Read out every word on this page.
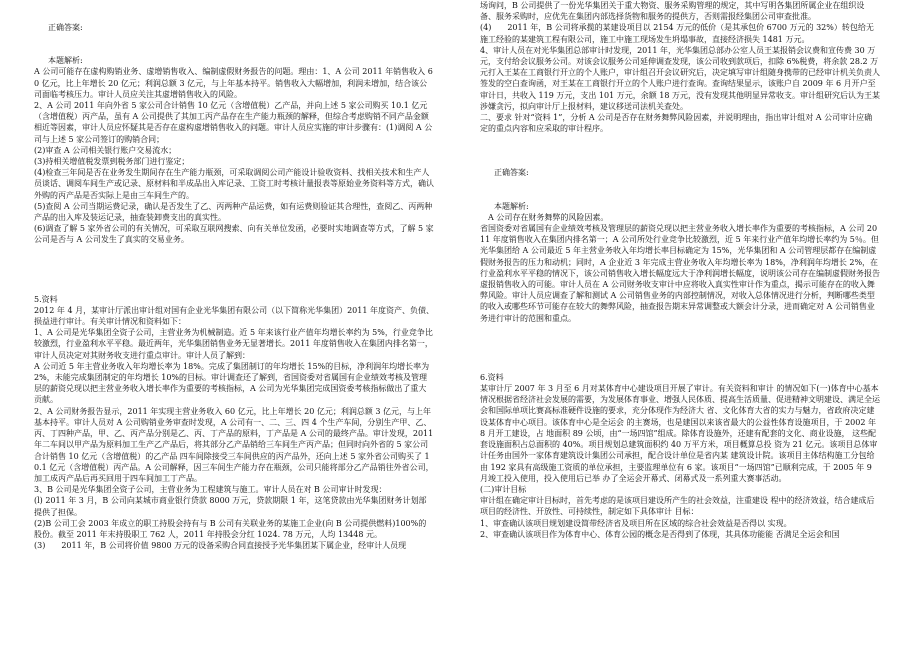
正确答案:

本题解析:

A 公司可能存在虚构购销业务、虚增销售收入、编制虚假财务报告的问题。理由：1、A 公司 2011 年销售收入 60 亿元，比上年增长 20 亿元；利润总额 3 亿元，与上年基本持平。销售收入大幅增加，利润未增加，结合该公司面临考核压力。审计人员应关注其虚增销售收入的风险。

2、A 公司 2011 年向外省 5 家公司合计销售 10 亿元（含增值税）乙产品，并向上述 5 家公司购买 10.1 亿元（含增值税）丙产品，虽有 A 公司提供了其加工丙产品存在生产能力瓶颈的解释，但综合考虑购销不同产品金额相近等因素，审计人员应怀疑其是否存在虚构虚增销售收入的问题。审计人员应实施的审计步骤有：(1)调阅 A 公司与上述 5 家公司签订的购销合同；

(2)审查 A 公司相关银行账户交易流水；

(3)持相关增值税发票到税务部门进行鉴定；

(4)检查三年间是否在业务发生期间存在生产能力瓶颈，可采取调阅公司产能设计验收资料、找相关技术和生产人员谈话、调阅车间生产或记录、原材料和半成品出入库记录、工资工时考核计量报表等原始业务资料等方式，确认外购的丙产品是否实际上是由三车间生产的。

(5)查阅 A 公司当期运费记录，确认是否发生了乙、丙两种产品运费，如有运费则验证其合理性，查阅乙、丙两种产品的出入库及装运记录，抽查装卸费支出的真实性。

(6)调查了解 5 家外省公司的有关情况，可采取互联网搜索、向有关单位发函，必要时实地调查等方式，了解 5 家公司是否与 A 公司发生了真实的交易业务。

5.资料

2012 年 4 月，某审计厅派出审计组对国有企业光华集团有限公司（以下简称光华集团）2011 年度资产、负债、损益进行审计。有关审计情况和资料如下：

1、A 公司是光华集团全资子公司，主营业务为机械制造。近 5 年来该行业产值年均增长率约为 5%，行业竞争比较激烈，行业盈利水平平稳。最近两年，光华集团销售业务无显著增长。2011 年度销售收入在集团内排名第一，审计人员决定对其财务收支进行重点审计。审计人员了解到：

A 公司近 5 年主营业务收入年均增长率为 18%。完成了集团制订的年均增长 15%的目标，净利润年均增长率为 2%，未能完成集团制定的年均增长 10%的目标。审计调查还了解到，省国资委对省属国有企业绩效考核及管理层的薪资兑现以把主营业务收入增长率作为重要的考核指标，A 公司为光华集团完成国资委考核指标做出了重大贡献。

2、A 公司财务报告显示，2011 年实现主营业务收入 60 亿元，比上年增长 20 亿元；利润总额 3 亿元，与上年基本持平。审计人员对 A 公司购销业务审查时发现，A 公司有一、二、三、四 4 个生产车间，分别生产甲、乙、丙、丁四种产品，甲、乙、丙产品分别是乙、丙、丁产品的原料，丁产品是 A 公司的最终产品。审计发现，2011 年二车间以甲产品为原料加工生产乙产品后，将其部分乙产品销给三车间生产丙产品；但同时向外省的 5 家公司合计销售 10 亿元（含增值税）的乙产品 四车间除接受三车间供应的丙产品外，还向上述 5 家外省公司购买了 10.1 亿元（含增值税）丙产品。A 公司解释，因三车间生产能力存在瓶颈，公司只能将部分乙产品销往外省公司，加工成丙产品后再买回用于四车间加工丁产品。

3、B 公司是光华集团全资子公司，主营业务为工程建筑与施工。审计人员在对 B 公司审计时发现：

(l) 2011 年 3 月，B 公司向某城市商业银行贷款 8000 万元，贷款期限 1 年，这笔贷款由光华集团财务计划部提供了担保。

(2)B 公司工会 2003 年成立的职工持股会持有与 B 公司有关联业务的某施工企业(向 B 公司提供燃料)100%的股份。截至 2011 年末持股职工 762 人，2011 年持股会分红 1024. 78 万元，人均 13448 元。

(3)　　2011 年，B 公司将价值 9800 万元的设备采购合同直接授予光华集团某下属企业，经审计人员现

场询问，B 公司提供了一份光华集团关于重大物资、服务采购管理的规定，其中写明各集团所属企业在组织设备、服务采购时，应优先在集团内部选择货物和服务的提供方，否则需报经集团公司审查批准。

(4)　　2011 年，B 公司将承揽的某建设项目以 2154 万元的低价（是其承包价 6700 万元的 32%）转包给无施工经验的某建筑工程有限公司，施工中施工现场发生坍塌事故，直接经济损失 1481 万元。

4、审计人员在对光华集团总部审计时发现，2011 年，光华集团总部办公室人员王某报销会议费和宣传费 30 万元，支付给会议服务公司。对该会议服务公司延伸调查发现，该公司收到款项后，扣除 6%税费，将余款 28.2 万元打入王某在工商银行开立的个人账户，审计组召开会议研究后，决定填写审计组随身携带的已经审计机关负责人签发的空白查询函，对王某在工商银行开立的个人账户进行查询。查询结果显示，该账户自 2009 年 6 月开户至审计日，共收入 119 万元，支出 101 万元，余额 18 万元，没有发现其他明显异常收支。审计组研究后认为王某涉嫌贪污，拟向审计厅上报材料，建议移送司法机关查处。

二、要求 针对“资料 1”，分析 A 公司是否存在财务舞弊风险因素，并说明理由，指出审计组对 A 公司审计应确定的重点内容和应采取的审计程序。

正确答案:

本题解析:

　A 公司存在财务舞弊的风险因素。

省国资委对省属国有企业绩效考核及管理层的薪资兑现以把主营业务收入增长率作为重要的考核指标，A 公司 2011 年度销售收入在集团内排名第一；A 公司所处行业竞争比较激烈，近 5 年来行业产值年均增长率约为 5％。但光华集团给 A 公司最近 5 年主营业务收入年均增长率目标确定为 15%，光华集团和 A 公司管理层都存在编制虚假财务报告的压力和动机；同时，A 企业近 3 年完成主营业务收入年均增长率为 18%，净利润年均增长 2%，在行业盈利水平平稳的情况下，该公司销售收入增长幅度远大于净利润增长幅度，说明该公司存在编制虚假财务报告虚报销售收入的可能。审计人员在 A 公司财务收支审计中应将收入真实性审计作为重点，揭示可能存在的收入舞弊风险。审计人员应调查了解和测试 A 公司销售业务的内部控制情况，对收入总体情况进行分析，判断哪些类型的收入或哪些环节可能存在较大的舞弊风险，抽查报告期末异常调整或大额会计分录，进而确定对 A 公司销售业务进行审计的范围和重点。

6.资料

某审计厅 2007 年 3 月至 6 月对某体育中心建设项目开展了审计。有关资料和审计 的情况如下(一)体育中心基本情况根据省经济社会发展的需要，为发展体育事业、增强人民体质、提高生活质量、促进精神文明建设、满足全运会和国际单项比赛高标准硬件设施的要求，充分体现作为经济大 省、文化体育大省的实力与魅力，省政府决定建设某体育中心项目。该体育中心是全运会 的主赛场，也是建国以来该省最大的公益性体育设施项目，于 2002 年 8 月开工建设，占 地面积 89 公顷，由“一场四馆”组成。除体育设施外，还建有配套的文化、商业设施， 这些配套设施面积占总面积的 40%。项目规划总建筑面积约 40 万平方米，项目概算总投 资为 21 亿元。该项目总体审计任务由国外一家体育建筑设计集团公司承担，配合设计单位是省内某 建筑设计院。该项目主体结构施工分包给由 192 家具有高级施工资质的单位承担，主要监理单位有 6 家。该项目“一场四馆”已顺利完成，于 2005 年 9 月竣工投入使用，投入使用后已举 办了全运会开幕式、闭幕式及一系列重大赛事活动。

(二)审计目标

审计组在确定审计目标时，首先考虑的是该项目建设所产生的社会效益，注重建设 程中的经济效益，结合建成后项目的经济性、开放性、可持续性，制定如下具体审计 目标：

1、审查确认该项目规划建设简带经济省及项目所在区域的综合社会效益是否得以 实现。

2、审查确认该项目作为体育中心、体育公园的概念是否得到了体现，其具体功能能 否满足全运会和国
